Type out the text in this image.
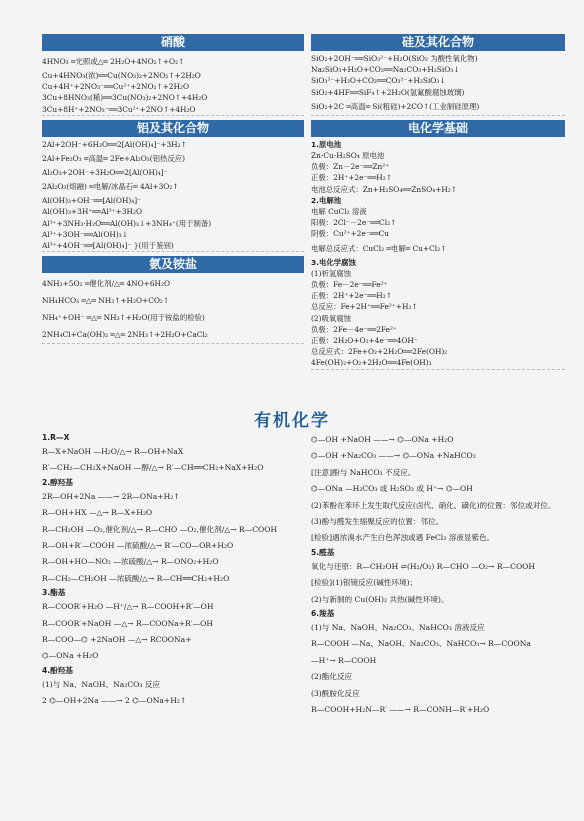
硝酸
4HNO₃ ═光照或△═ 2H₂O+4NO₂↑+O₂↑
Cu+4HNO₃(浓)══Cu(NO₃)₂+2NO₂↑+2H₂O
Cu+4H⁺+2NO₃⁻══Cu²⁺+2NO₂↑+2H₂O
3Cu+8HNO₃(稀)══3Cu(NO₃)₂+2NO↑+4H₂O
3Cu+8H⁺+2NO₃⁻══3Cu²⁺+2NO↑+4H₂O
铝及其化合物
2Al+2OH⁻+6H₂O══2[Al(OH)₄]⁻+3H₂↑
2Al+Fe₂O₃ ═高温═ 2Fe+Al₂O₃(铝热反应)
Al₂O₃+2OH⁻+3H₂O══2[Al(OH)₄]⁻
2Al₂O₃(熔融) ═电解/冰晶石═ 4Al+3O₂↑
Al(OH)₃+OH⁻══[Al(OH)₄]⁻
Al(OH)₃+3H⁺══Al³⁺+3H₂O
Al³⁺+3NH₃·H₂O══Al(OH)₃↓+3NH₄⁺(用于制备)
Al³⁺+3OH⁻══Al(OH)₃↓
Al³⁺+4OH⁻══[Al(OH)₄]⁻ }(用于鉴别)
氨及铵盐
4NH₃+5O₂ ═催化剂/△═ 4NO+6H₂O
NH₄HCO₃ ═△═ NH₃↑+H₂O+CO₂↑
NH₄⁺+OH⁻ ═△═ NH₃↑+H₂O(用于铵盐的检验)
2NH₄Cl+Ca(OH)₂ ═△═ 2NH₃↑+2H₂O+CaCl₂
硅及其化合物
SiO₂+2OH⁻══SiO₃²⁻+H₂O(SiO₂ 为酸性氧化物)
Na₂SiO₃+H₂O+CO₂══Na₂CO₃+H₂SiO₃↓
SiO₃²⁻+H₂O+CO₂══CO₃²⁻+H₂SiO₃↓
SiO₂+4HF══SiF₄↑+2H₂O(氢氟酸腐蚀玻璃)
SiO₂+2C ═高温═ Si(粗硅)+2CO↑(工业制硅原理)
电化学基础
1.原电池
Zn-Cu-H₂SO₄ 原电池
负极：Zn－2e⁻══Zn²⁺
正极：2H⁺+2e⁻══H₂↑
电池总反应式：Zn+H₂SO₄══ZnSO₄+H₂↑
2.电解池
电解 CuCl₂ 溶液
阳极：2Cl⁻－2e⁻══Cl₂↑
阴极：Cu²⁺+2e⁻══Cu
电解总反应式：CuCl₂ ═电解═ Cu+Cl₂↑
3.电化学腐蚀
(1)析氢腐蚀
负极：Fe－2e⁻══Fe²⁺
正极：2H⁺+2e⁻══H₂↑
总反应：Fe+2H⁺══Fe²⁺+H₂↑
(2)吸氧腐蚀
负极：2Fe－4e⁻══2Fe²⁺
正极：2H₂O+O₂+4e⁻══4OH⁻
总反应式：2Fe+O₂+2H₂O══2Fe(OH)₂
4Fe(OH)₂+O₂+2H₂O══4Fe(OH)₃
有机化学
1.R—X
R—X+NaOH —H₂O/△→ R—OH+NaX
R′—CH₂—CH₂X+NaOH —醇/△→ R′—CH══CH₂+NaX+H₂O
2.醇羟基
2R—OH+2Na ——→ 2R—ONa+H₂↑
R—OH+HX —△→ R—X+H₂O
R—CH₂OH —O₂,催化剂/△→ R—CHO —O₂,催化剂/△→ R—COOH
R—OH+R′—COOH —浓硫酸/△→ R′—CO—OR+H₂O
R—OH+HO—NO₂ —浓硫酸/△→ R—ONO₂+H₂O
R—CH₂—CH₂OH —浓硫酸/△→ R—CH══CH₂+H₂O
3.酯基
R—COOR′+H₂O —H⁺/△→ R—COOH+R′—OH
R—COOR′+NaOH —△→ R—COONa+R′—OH
R—COO—⌬ +2NaOH —△→ RCOONa+
⌬—ONa +H₂O
4.酚羟基
(1)与 Na、NaOH、Na₂CO₃ 反应
2 ⌬—OH+2Na ——→ 2 ⌬—ONa+H₂↑
⌬—OH +NaOH ——→ ⌬—ONa +H₂O
⌬—OH +Na₂CO₃ ——→ ⌬—ONa +NaHCO₃
[注意]酚与 NaHCO₃ 不反应。
⌬—ONa —H₂CO₃ 或 H₂SO₃ 或 H⁺→ ⌬—OH
(2)苯酚在苯环上发生取代反应(卤代、硝化、磺化)的位置：邻位或对位。
(3)酚与醛发生缩聚反应的位置：邻位。
[检验]遇浓溴水产生白色浑浊或遇 FeCl₃ 溶液显紫色。
5.醛基
氧化与还原：R—CH₂OH ⇌(H₂/O₂) R—CHO —O₂→ R—COOH
[检验](1)银镜反应(碱性环境)；
(2)与新制的 Cu(OH)₂ 共热(碱性环境)。
6.羧基
(1)与 Na、NaOH、Na₂CO₃、NaHCO₃ 溶液反应
R—COOH —Na、NaOH、Na₂CO₃、NaHCO₃→ R—COONa
—H⁺→ R—COOH
(2)酯化反应
(3)酰胺化反应
R—COOH+H₂N—R′ ——→ R—CONH—R′+H₂O
